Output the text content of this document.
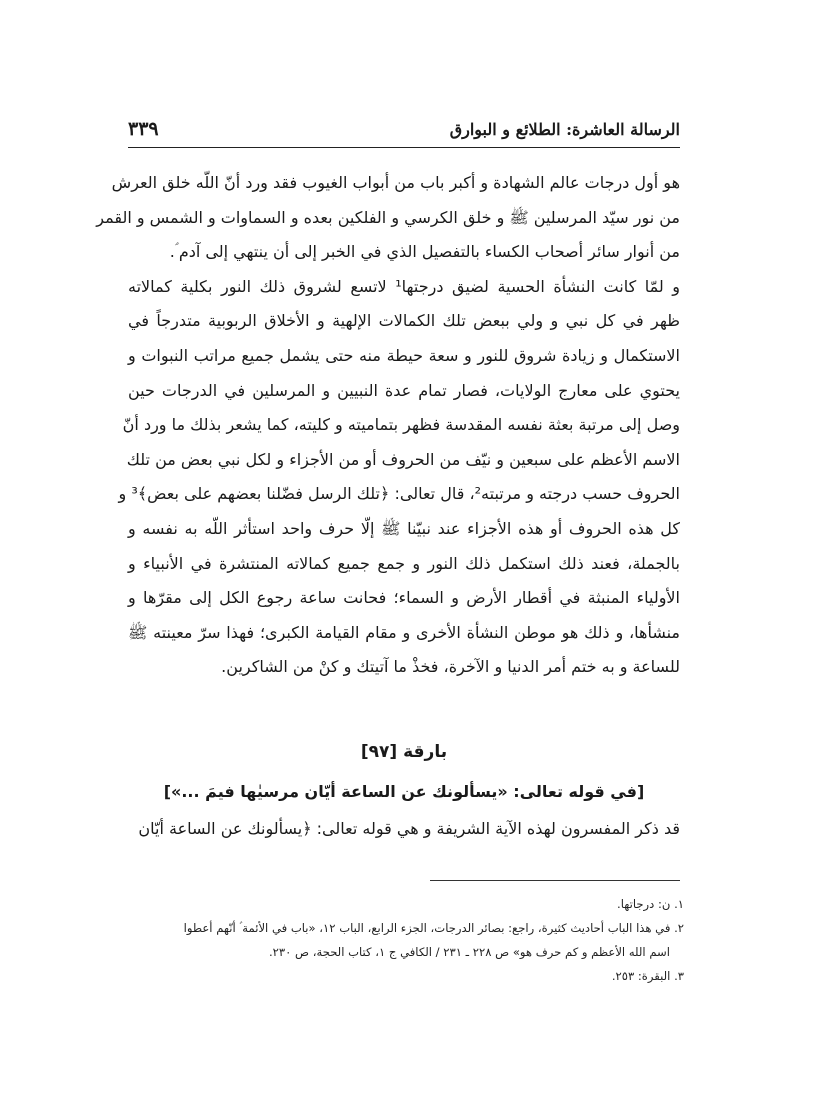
الرسالة العاشرة: الطلائع و البوارق
٣٣٩
هو أول درجات عالم الشهادة و أكبر باب من أبواب الغيوب فقد ورد أنّ اللّه خلق العرش
من نور سيّد المرسلين ﷺ و خلق الكرسي و الفلكين بعده و السماوات و الشمس و القمر
من أنوار سائر أصحاب الكساء بالتفصيل الذي في الخبر إلى أن ينتهي إلى آدم ؑ.
و لمّا كانت النشأة الحسية لضيق درجتها¹ لاتسع لشروق ذلك النور بكلية كمالاته
ظهر في كل نبي و ولي ببعض تلك الكمالات الإلهية و الأخلاق الربوبية متدرجاً في
الاستكمال و زيادة شروق للنور و سعة حيطة منه حتى يشمل جميع مراتب النبوات و
يحتوي على معارج الولايات، فصار تمام عدة النبيين و المرسلين في الدرجات حين
وصل إلى مرتبة بعثة نفسه المقدسة فظهر بتماميته و كليته، كما يشعر بذلك ما ورد أنّ
الاسم الأعظم على سبعين و نيّف من الحروف أو من الأجزاء و لكل نبي بعض من تلك
الحروف حسب درجته و مرتبته²، قال تعالى: ﴿تلك الرسل فضّلنا بعضهم على بعض﴾³ و
كل هذه الحروف أو هذه الأجزاء عند نبيّنا ﷺ إلّا حرف واحد استأثر اللّه به نفسه و
بالجملة، فعند ذلك استكمل ذلك النور و جمع جميع كمالاته المنتشرة في الأنبياء و
الأولياء المنبثة في أقطار الأرض و السماء؛ فحانت ساعة رجوع الكل إلى مقرّها و
منشأها، و ذلك هو موطن النشأة الأخرى و مقام القيامة الكبرى؛ فهذا سرّ معينته ﷺ
للساعة و به ختم أمر الدنيا و الآخرة، فخذْ ما آتيتك و كنْ من الشاكرين.
بارقة [٩٧]
[في قوله تعالى: «يسألونك عن الساعة أيّان مرسيٰها فيمَ ...»]
قد ذكر المفسرون لهذه الآية الشريفة و هي قوله تعالى: ﴿يسألونك عن الساعة أيّان
١. ن: درجاتها.
٢. في هذا الباب أحاديث كثيرة، راجع: بصائر الدرجات، الجزء الرابع، الباب ١٢، «باب في الأئمة ؑ أنّهم أعطوا
اسم الله الأعظم و كم حرف هو» ص ٢٢٨ ـ ٢٣١ / الكافي ج ١، كتاب الحجة، ص ٢٣٠.
٣. البقرة: ٢٥٣.
